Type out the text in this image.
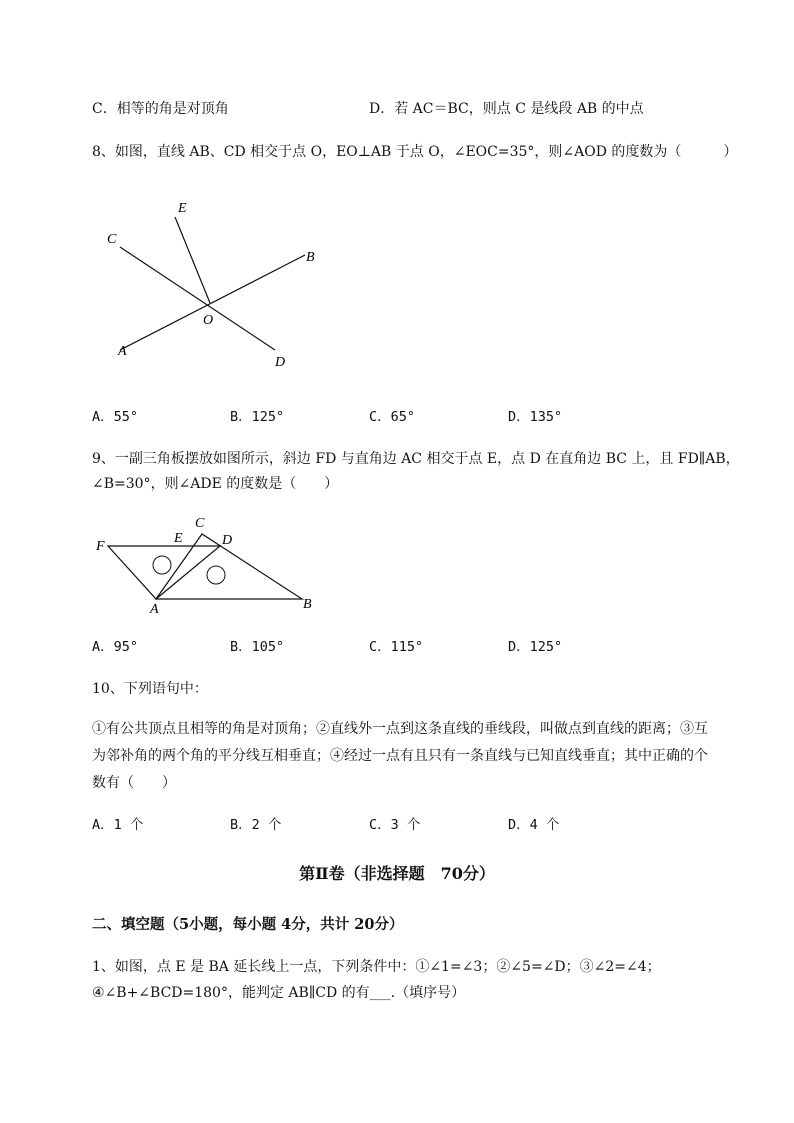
C．相等的角是对顶角	D．若 AC＝BC，则点 C 是线段 AB 的中点
8、如图，直线 AB、CD 相交于点 O，EO⊥AB 于点 O，∠EOC=35°，则∠AOD 的度数为（　　　）
E
C
B
O
A
D
A．55°	B．125°	C．65°	D．135°
9、一副三角板摆放如图所示，斜边 FD 与直角边 AC 相交于点 E，点 D 在直角边 BC 上，且 FD∥AB，
∠B=30°，则∠ADE 的度数是（　　）
C
E	D
F
A	B
A．95°	B．105°	C．115°	D．125°
10、下列语句中：
①有公共顶点且相等的角是对顶角；②直线外一点到这条直线的垂线段，叫做点到直线的距离；③互
为邻补角的两个角的平分线互相垂直；④经过一点有且只有一条直线与已知直线垂直；其中正确的个
数有（　　）
A．1 个	B．2 个	C．3 个	D．4 个
第Ⅱ卷（非选择题　70分）
二、填空题（5小题，每小题 4分，共计 20分）
1、如图，点 E 是 BA 延长线上一点，下列条件中：①∠1=∠3；②∠5=∠D；③∠2=∠4；
④∠B+∠BCD=180°，能判定 AB∥CD 的有___.（填序号）
